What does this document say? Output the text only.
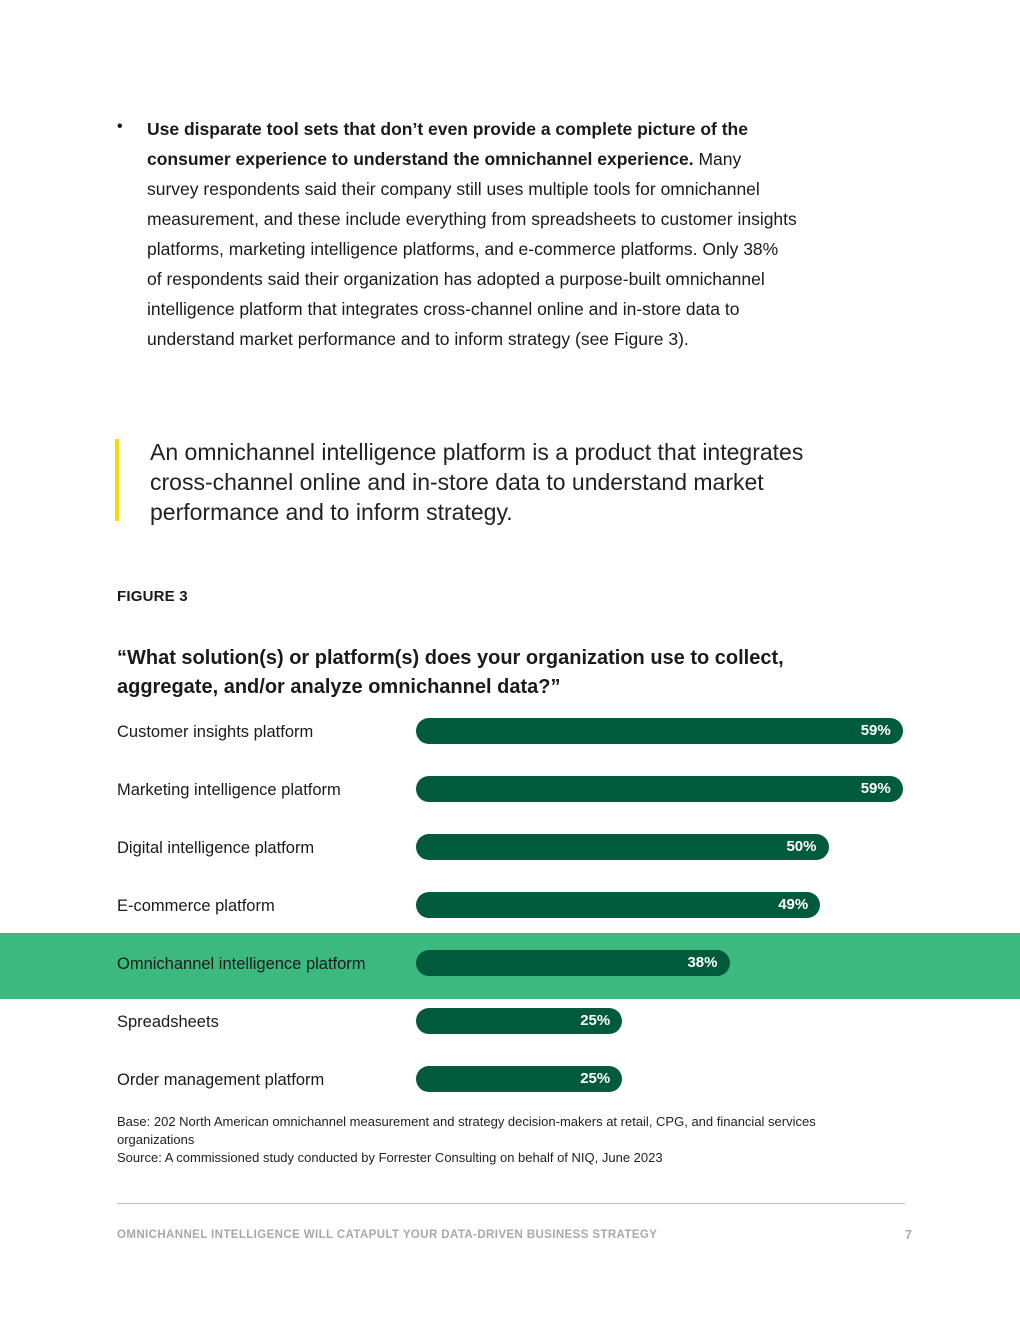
• Use disparate tool sets that don’t even provide a complete picture of the consumer experience to understand the omnichannel experience. Many survey respondents said their company still uses multiple tools for omnichannel measurement, and these include everything from spreadsheets to customer insights platforms, marketing intelligence platforms, and e-commerce platforms. Only 38% of respondents said their organization has adopted a purpose-built omnichannel intelligence platform that integrates cross-channel online and in-store data to understand market performance and to inform strategy (see Figure 3).
An omnichannel intelligence platform is a product that integrates cross-channel online and in-store data to understand market performance and to inform strategy.
FIGURE 3
“What solution(s) or platform(s) does your organization use to collect, aggregate, and/or analyze omnichannel data?”
Customer insights platform	59%
Marketing intelligence platform	59%
Digital intelligence platform	50%
E-commerce platform	49%
Omnichannel intelligence platform	38%
Spreadsheets	25%
Order management platform	25%
Base: 202 North American omnichannel measurement and strategy decision-makers at retail, CPG, and financial services organizations
Source: A commissioned study conducted by Forrester Consulting on behalf of NIQ, June 2023
OMNICHANNEL INTELLIGENCE WILL CATAPULT YOUR DATA-DRIVEN BUSINESS STRATEGY	7
